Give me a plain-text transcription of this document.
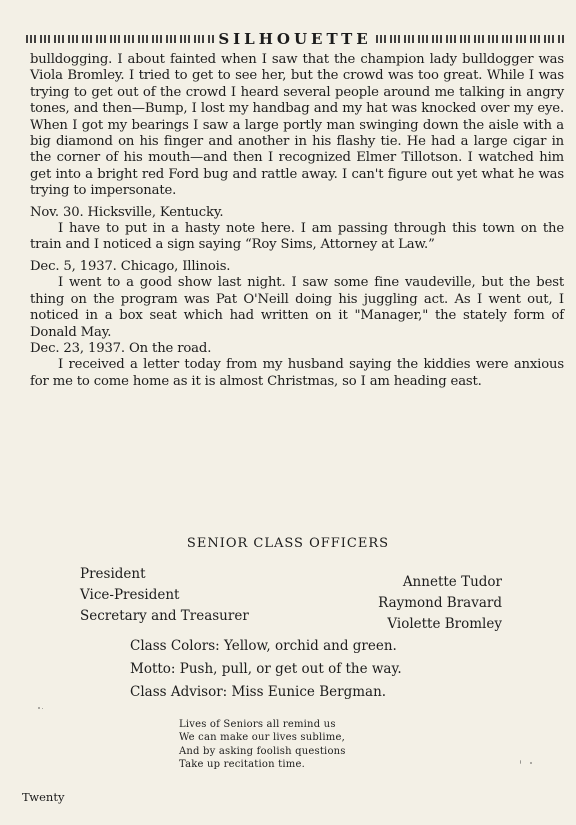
SILHOUETTE

bulldogging. I about fainted when I saw that the champion lady bulldogger was Viola Bromley. I tried to get to see her, but the crowd was too great. While I was trying to get out of the crowd I heard several people around me talking in angry tones, and then—Bump, I lost my handbag and my hat was knocked over my eye. When I got my bearings I saw a large portly man swinging down the aisle with a big diamond on his finger and another in his flashy tie. He had a large cigar in the corner of his mouth—and then I recognized Elmer Tillotson. I watched him get into a bright red Ford bug and rattle away. I can't figure out yet what he was trying to impersonate.

Nov. 30. Hicksville, Kentucky.

I have to put in a hasty note here. I am passing through this town on the train and I noticed a sign saying “Roy Sims, Attorney at Law.”

Dec. 5, 1937. Chicago, Illinois.

I went to a good show last night. I saw some fine vaudeville, but the best thing on the program was Pat O'Neill doing his juggling act. As I went out, I noticed in a box seat which had written on it "Manager," the stately form of Donald May.

Dec. 23, 1937. On the road.

I received a letter today from my husband saying the kiddies were anxious for me to come home as it is almost Christmas, so I am heading east.

SENIOR CLASS OFFICERS
President
Vice-President
Secretary and Treasurer
Annette Tudor
Raymond Bravard
Violette Bromley
Class Colors: Yellow, orchid and green.
Motto: Push, pull, or get out of the way.
Class Advisor: Miss Eunice Bergman.
Lives of Seniors all remind us
We can make our lives sublime,
And by asking foolish questions
Take up recitation time.
Twenty
